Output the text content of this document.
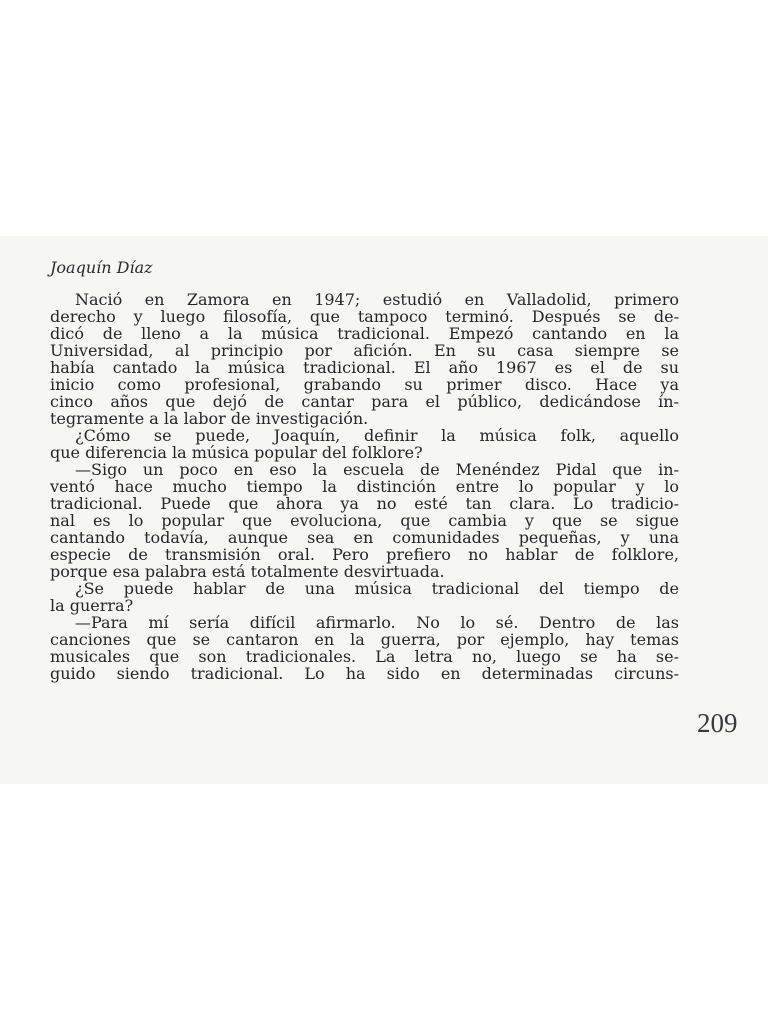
Joaquín Díaz
Nació en Zamora en 1947; estudió en Valladolid, primero
derecho y luego filosofía, que tampoco terminó. Después se de-
dicó de lleno a la música tradicional. Empezó cantando en la
Universidad, al principio por afición. En su casa siempre se
había cantado la música tradicional. El año 1967 es el de su
inicio como profesional, grabando su primer disco. Hace ya
cinco años que dejó de cantar para el público, dedicándose ín-
tegramente a la labor de investigación.
¿Cómo se puede, Joaquín, definir la música folk, aquello
que diferencia la música popular del folklore?
—Sigo un poco en eso la escuela de Menéndez Pidal que in-
ventó hace mucho tiempo la distinción entre lo popular y lo
tradicional. Puede que ahora ya no esté tan clara. Lo tradicio-
nal es lo popular que evoluciona, que cambia y que se sigue
cantando todavía, aunque sea en comunidades pequeñas, y una
especie de transmisión oral. Pero prefiero no hablar de folklore,
porque esa palabra está totalmente desvirtuada.
¿Se puede hablar de una música tradicional del tiempo de
la guerra?
—Para mí sería difícil afirmarlo. No lo sé. Dentro de las
canciones que se cantaron en la guerra, por ejemplo, hay temas
musicales que son tradicionales. La letra no, luego se ha se-
guido siendo tradicional. Lo ha sido en determinadas circuns-
209
